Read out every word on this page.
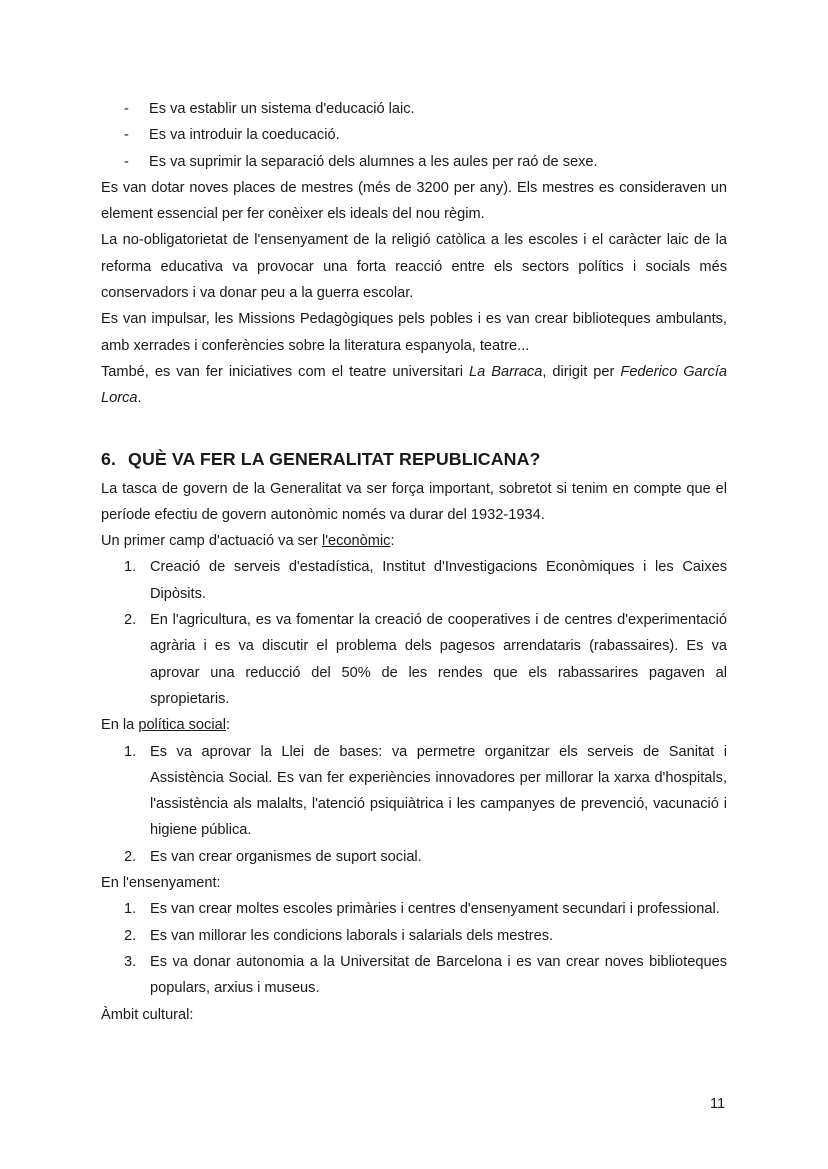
- Es va establir un sistema d'educació laic.
- Es va introduir la coeducació.
- Es va suprimir la separació dels alumnes a les aules per raó de sexe.

Es van dotar noves places de mestres (més de 3200 per any). Els mestres es consideraven un element essencial per fer conèixer els ideals del nou règim.

La no-obligatorietat de l'ensenyament de la religió catòlica a les escoles i el caràcter laic de la reforma educativa va provocar una forta reacció entre els sectors polítics i socials més conservadors i va donar peu a la guerra escolar.

Es van impulsar, les Missions Pedagògiques pels pobles i es van crear biblioteques ambulants, amb xerrades i conferències sobre la literatura espanyola, teatre...

També, es van fer iniciatives com el teatre universitari La Barraca, dirigit per Federico García Lorca.

6. QUÈ VA FER LA GENERALITAT REPUBLICANA?

La tasca de govern de la Generalitat va ser força important, sobretot si tenim en compte que el període efectiu de govern autonòmic només va durar del 1932-1934.

Un primer camp d'actuació va ser l'econòmic:

1. Creació de serveis d'estadística, Institut d'Investigacions Econòmiques i les Caixes Dipòsits.
2. En l'agricultura, es va fomentar la creació de cooperatives i de centres d'experimentació agrària i es va discutir el problema dels pagesos arrendataris (rabassaires). Es va aprovar una reducció del 50% de les rendes que els rabassarires pagaven al spropietaris.

En la política social:

1. Es va aprovar la Llei de bases: va permetre organitzar els serveis de Sanitat i Assistència Social. Es van fer experiències innovadores per millorar la xarxa d'hospitals, l'assistència als malalts, l'atenció psiquiàtrica i les campanyes de prevenció, vacunació i higiene pública.
2. Es van crear organismes de suport social.

En l'ensenyament:

1. Es van crear moltes escoles primàries i centres d'ensenyament secundari i professional.
2. Es van millorar les condicions laborals i salarials dels mestres.
3. Es va donar autonomia a la Universitat de Barcelona i es van crear noves biblioteques populars, arxius i museus.

Àmbit cultural:

11
